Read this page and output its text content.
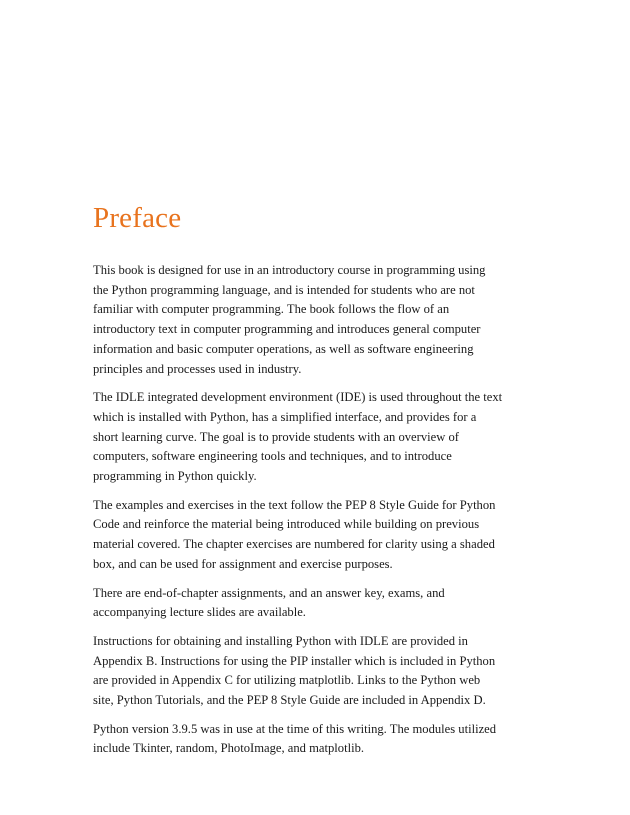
Preface

This book is designed for use in an introductory course in programming using
the Python programming language, and is intended for students who are not
familiar with computer programming. The book follows the flow of an
introductory text in computer programming and introduces general computer
information and basic computer operations, as well as software engineering
principles and processes used in industry.

The IDLE integrated development environment (IDE) is used throughout the text
which is installed with Python, has a simplified interface, and provides for a
short learning curve. The goal is to provide students with an overview of
computers, software engineering tools and techniques, and to introduce
programming in Python quickly.

The examples and exercises in the text follow the PEP 8 Style Guide for Python
Code and reinforce the material being introduced while building on previous
material covered. The chapter exercises are numbered for clarity using a shaded
box, and can be used for assignment and exercise purposes.

There are end-of-chapter assignments, and an answer key, exams, and
accompanying lecture slides are available.

Instructions for obtaining and installing Python with IDLE are provided in
Appendix B. Instructions for using the PIP installer which is included in Python
are provided in Appendix C for utilizing matplotlib. Links to the Python web
site, Python Tutorials, and the PEP 8 Style Guide are included in Appendix D.

Python version 3.9.5 was in use at the time of this writing. The modules utilized
include Tkinter, random, PhotoImage, and matplotlib.
